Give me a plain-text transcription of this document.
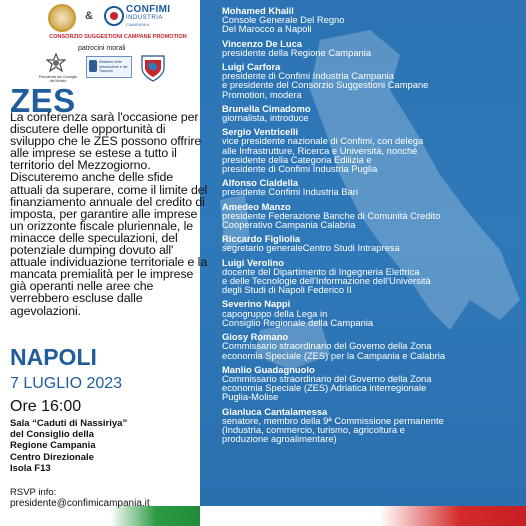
&
CONFIMI
INDUSTRIA
CAMPANIA
CONSORZIO SUGGESTIONI CAMPANE PROMOTION
patrocini morali
Presidenza del Consiglio dei Ministri
Ministero delle Infrastrutture e dei Trasporti
ZES
La conferenza sarà l'occasione per discutere delle opportunità di sviluppo che le ZES possono offrire alle imprese se estese a tutto il territorio del Mezzogiorno. Discuteremo anche delle sfide attuali da superare, come il limite del finanziamento annuale del credito di imposta, per garantire alle imprese un orizzonte fiscale pluriennale, le minacce delle speculazioni, del potenziale dumping dovuto all' attuale individuazione territoriale e la mancata premialità per le imprese già operanti nelle aree che verrebbero escluse dalle agevolazioni.
NAPOLI
7 LUGLIO 2023
Ore 16:00
Sala “Caduti di Nassiriya”
del Consiglio della
Regione Campania
Centro Direzionale
Isola F13
RSVP info:
presidente@confimicampania.it
Mohamed Khalil
Console Generale Del Regno
Del Marocco a Napoli
Vincenzo De Luca
presidente della Regione Campania
Luigi Carfora
presidente di Confimi Industria Campania
e presidente del Consorzio Suggestioni Campane
Promotion, modera
Brunella Cimadomo
giornalista, introduce
Sergio Ventricelli
vice presidente nazionale di Confimi, con delega
alle Infrastrutture, Ricerca e Università, nonché
presidente della Categoria Edilizia e
presidente di Confimi Industria Puglia
Alfonso Cialdella
presidente Confimi Industria Bari
Amedeo Manzo
presidente Federazione Banche di Comunità Credito
Cooperativo Campania Calabria
Riccardo Figliolia
segretario generaleCentro Studi Intrapresa
Luigi Verolino
docente del Dipartimento di Ingegneria Elettrica
e delle Tecnologie dell'Informazione dell'Università
degli Studi di Napoli Federico II
Severino Nappi
capogruppo della Lega in
Consiglio Regionale della Campania
Giosy Romano
Commissario straordinario del Governo della Zona
economia Speciale (ZES) per la Campania e Calabria
Manlio Guadagnuolo
Commissario straordinario del Governo della Zona
economia Speciale (ZES) Adriatica interregionale
Puglia-Molise
Gianluca Cantalamessa
senatore, membro della 9ª Commissione permanente
(Industria, commercio, turismo, agricoltura e
produzione agroalimentare)
